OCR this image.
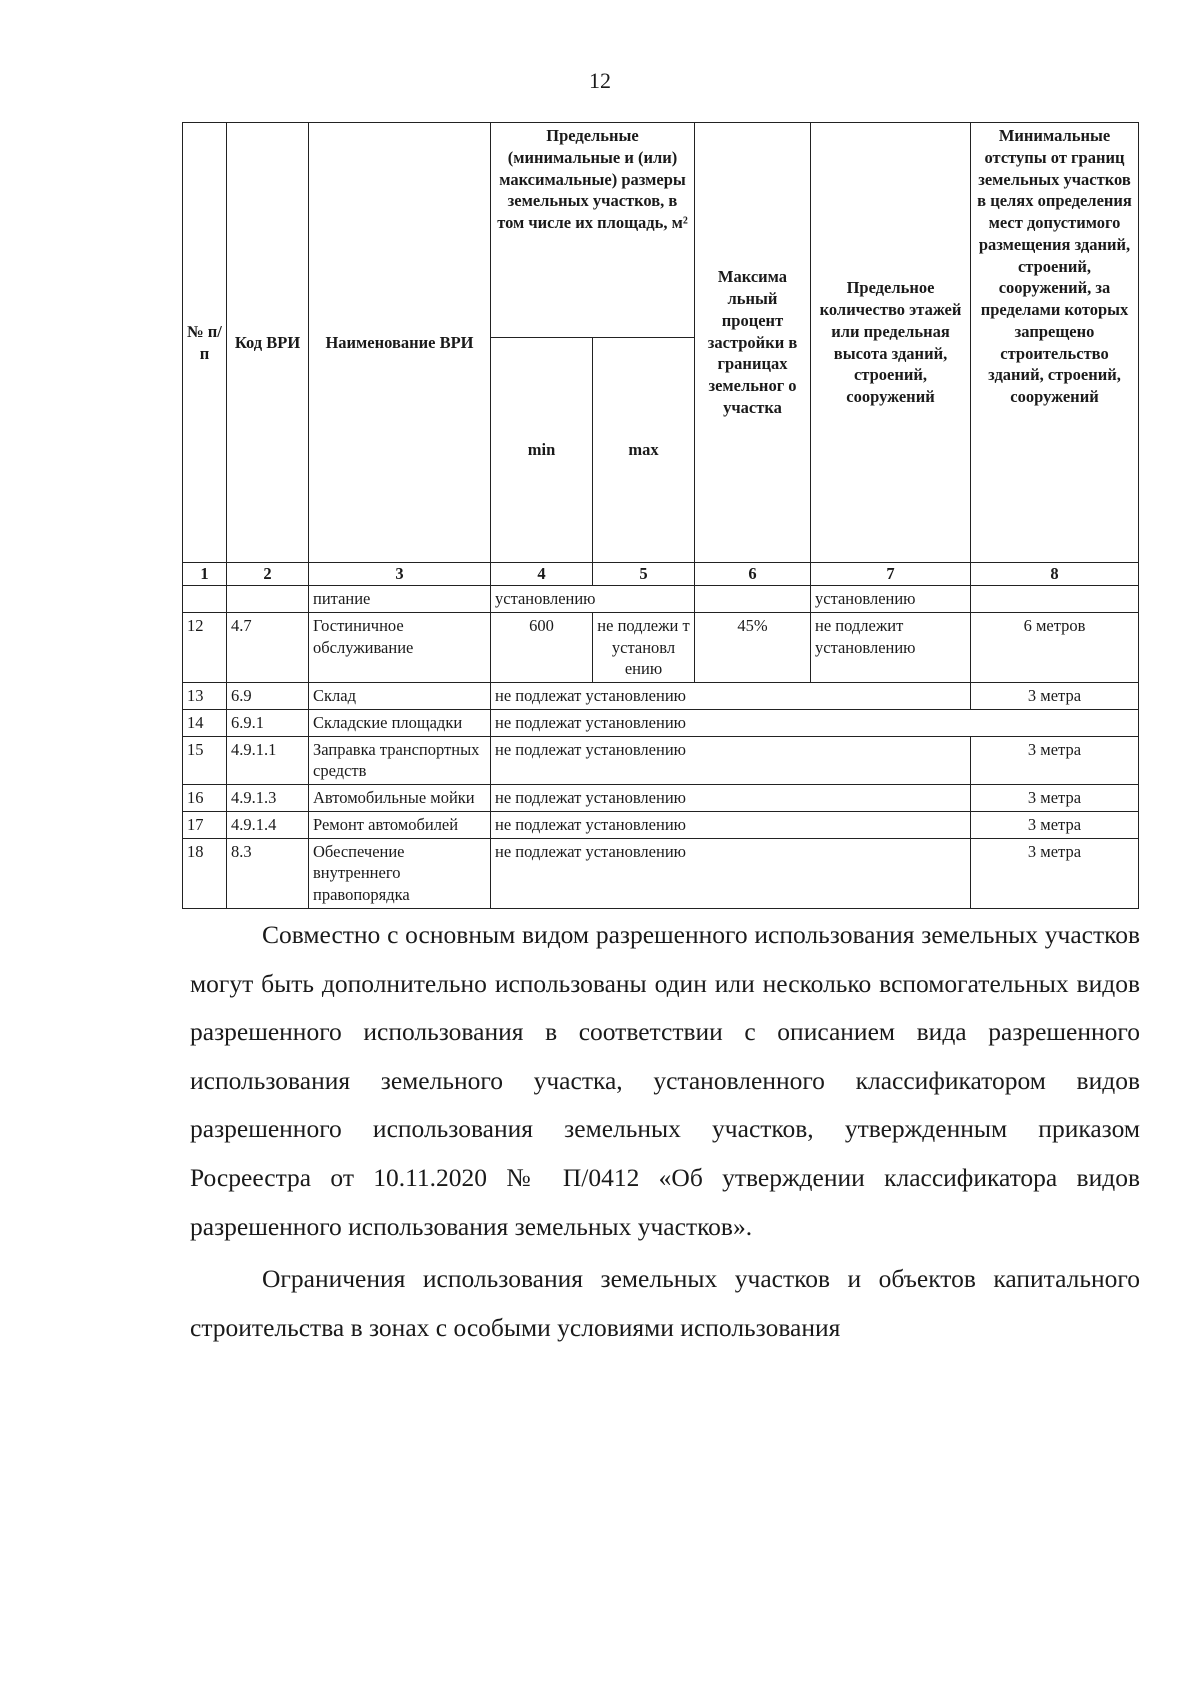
12
№ п/ п	Код ВРИ	Наименование ВРИ	Предельные (минимальные и (или) максимальные) размеры земельных участков, в том числе их площадь, м²		Максима льный процент застройки в границах земельног о участка	Предельное количество этажей или предельная высота зданий, строений, сооружений	Минимальные отступы от границ земельных участков в целях определения мест допустимого размещения зданий, строений, сооружений, за пределами которых запрещено строительство зданий, строений, сооружений
			min	max			
1	2	3	4	5	6	7	8
		питание	установлению			установлению	
12	4.7	Гостиничное обслуживание	600	не подлежи т установл ению	45%	не подлежит установлению	6 метров
13	6.9	Склад	не подлежат установлению				3 метра
14	6.9.1	Складские площадки	не подлежат установлению				
15	4.9.1.1	Заправка транспортных средств	не подлежат установлению				3 метра
16	4.9.1.3	Автомобильные мойки	не подлежат установлению				3 метра
17	4.9.1.4	Ремонт автомобилей	не подлежат установлению				3 метра
18	8.3	Обеспечение внутреннего правопорядка	не подлежат установлению				3 метра

Совместно с основным видом разрешенного использования земельных участков могут быть дополнительно использованы один или несколько вспомогательных видов разрешенного использования в соответствии с описанием вида разрешенного использования земельного участка, установленного классификатором видов разрешенного использования земельных участков, утвержденным приказом Росреестра от 10.11.2020 № П/0412 «Об утверждении классификатора видов разрешенного использования земельных участков».

Ограничения использования земельных участков и объектов капитального строительства в зонах с особыми условиями использования
